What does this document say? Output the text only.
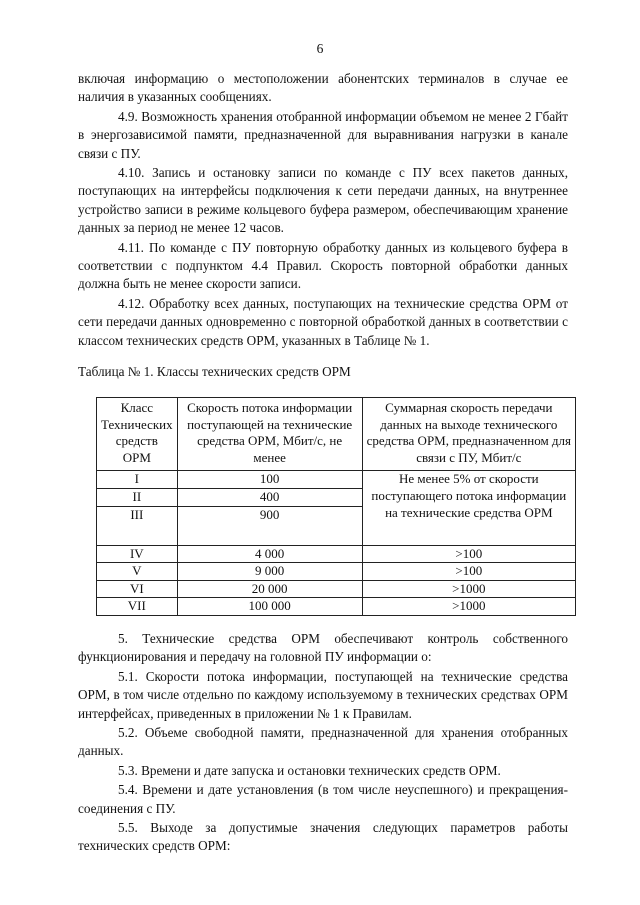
6

включая информацию о местоположении абонентских терминалов в случае ее наличия в указанных сообщениях.

4.9. Возможность хранения отобранной информации объемом не менее 2 Гбайт в энергозависимой памяти, предназначенной для выравнивания нагрузки в канале связи с ПУ.

4.10. Запись и остановку записи по команде с ПУ всех пакетов данных, поступающих на интерфейсы подключения к сети передачи данных, на внутреннее устройство записи в режиме кольцевого буфера размером, обеспечивающим хранение данных за период не менее 12 часов.

4.11. По команде с ПУ повторную обработку данных из кольцевого буфера в соответствии с подпунктом 4.4 Правил. Скорость повторной обработки данных должна быть не менее скорости записи.

4.12. Обработку всех данных, поступающих на технические средства ОРМ от сети передачи данных одновременно с повторной обработкой данных в соответствии с классом технических средств ОРМ, указанных в Таблице № 1.

Таблица № 1. Классы технических средств ОРМ
Класс Технических средств ОРМ	Скорость потока информации поступающей на технические средства ОРМ, Мбит/с, не менее	Суммарная скорость передачи данных на выходе технического средства ОРМ, предназначенном для связи с ПУ, Мбит/с
I	100	Не менее 5% от скорости поступающего потока информации на технические средства ОРМ
II	400	
III	900	
IV	4 000	>100
V	9 000	>100
VI	20 000	>1000
VII	100 000	>1000

5. Технические средства ОРМ обеспечивают контроль собственного функционирования и передачу на головной ПУ информации о:

5.1. Скорости потока информации, поступающей на технические средства ОРМ, в том числе отдельно по каждому используемому в технических средствах ОРМ интерфейсах, приведенных в приложении № 1 к Правилам.

5.2. Объеме свободной памяти, предназначенной для хранения отобранных данных.

5.3. Времени и дате запуска и остановки технических средств ОРМ.

5.4. Времени и дате установления (в том числе неуспешного) и прекращения-соединения с ПУ.

5.5. Выходе за допустимые значения следующих параметров работы технических средств ОРМ:
